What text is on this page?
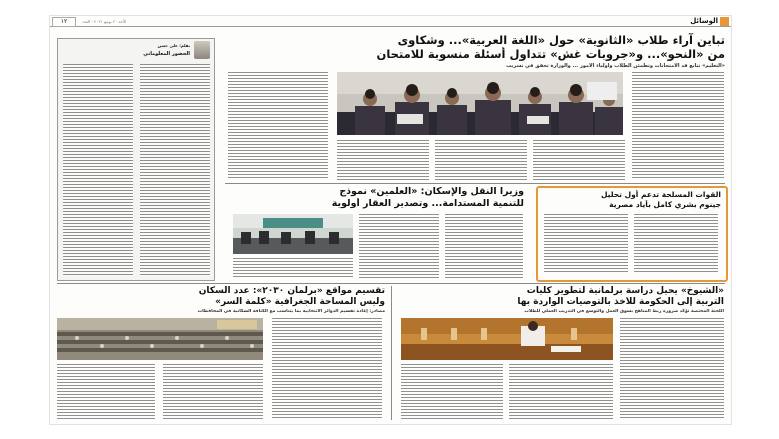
الوسائل
الأحد ٢٠ يونيو ٢٠٢١ - العدد
١٢
بقلم: علي حسن
الحضور المعلوماتي
تباين آراء طلاب «الثانوية» حول «اللغة العربية»... وشكاوى
من «النحو»... و«جروبات غش» تتداول أسئلة منسوبة للامتحان
«التعليم» تتابع قد الامتحانات وتطمئن الطلاب وأولياء الأمور ... والوزارة تحقق في تسريب
وزيرا النقل والإسكان: «العلمين» نموذج
للتنمية المستدامة... وتصدير العقار أولوية
القوات المسلحة تدعم أول تحليل
جينوم بشري كامل بأياد مصرية
«الشيوخ» يحيل دراسة برلمانية لتطوير كليات
التربية إلى الحكومة للأخذ بالتوصيات الواردة بها
اللجنة المختصة تؤكد ضرورة ربط المناهج بسوق العمل والتوسع في التدريب العملي للطلاب
تقسيم مواقع «برلمان ٢٠٣٠»: عدد السكان
وليس المساحة الجغرافية «كلمة السر»
مصادر: إعادة تقسيم الدوائر الانتخابية بما يتناسب مع الكثافة السكانية في المحافظات
